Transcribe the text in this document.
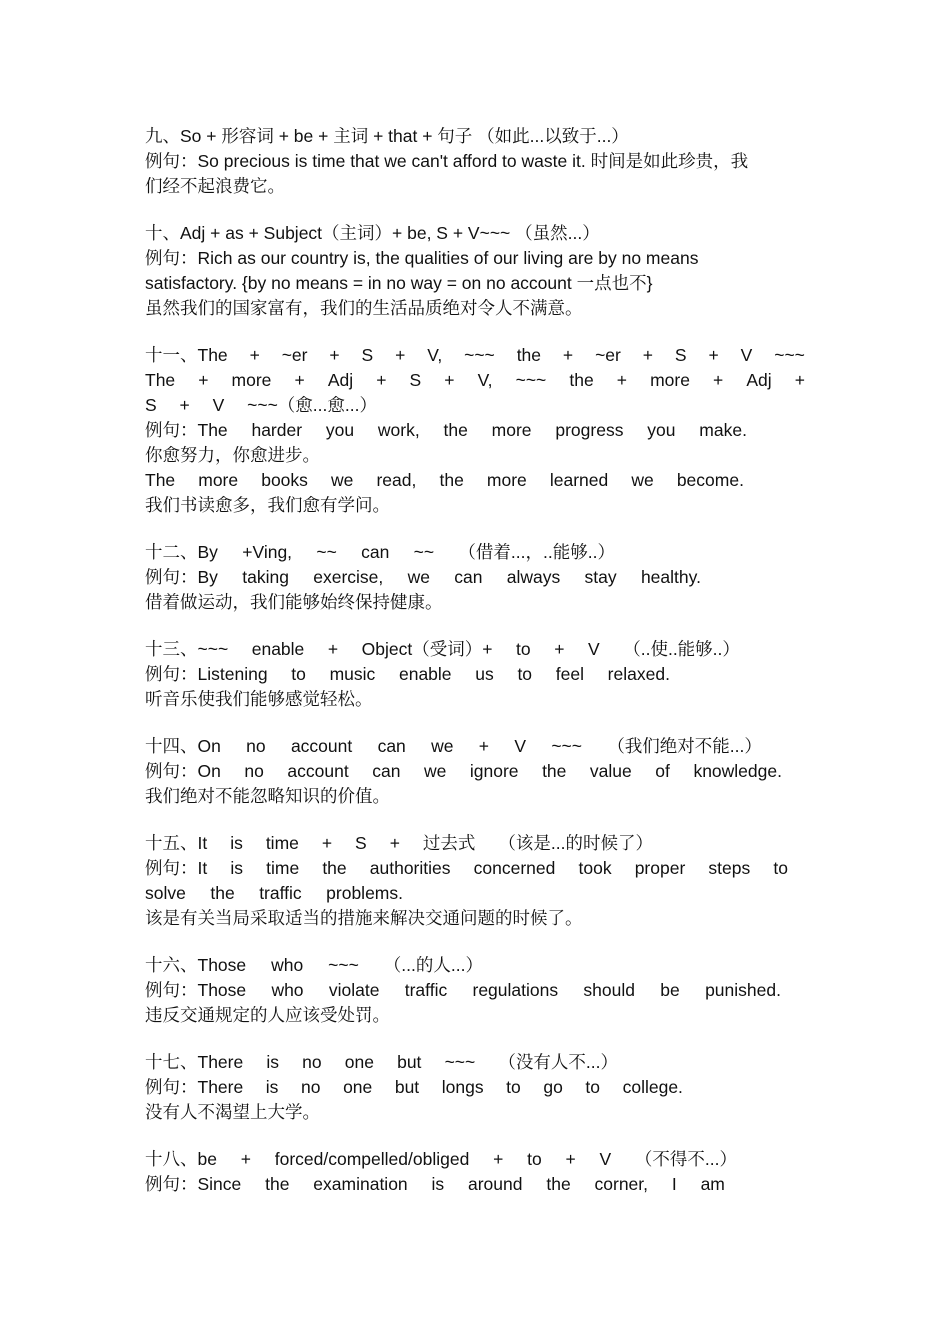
九、So + 形容词 + be + 主词 + that + 句子 （如此...以致于...）
例句：So precious is time that we can't afford to waste it. 时间是如此珍贵，我
们经不起浪费它。
十、Adj + as + Subject（主词）+ be, S + V~~~ （虽然...）
例句：Rich as our country is, the qualities of our living are by no means
satisfactory. {by no means = in no way = on no account 一点也不}
虽然我们的国家富有，我们的生活品质绝对令人不满意。
十一、The + ~er + S + V, ~~~ the + ~er + S + V ~~~
The + more + Adj + S + V, ~~~ the + more + Adj +
S + V ~~~（愈...愈...）
例句：The harder you work, the more progress you make.
你愈努力，你愈进步。
The more books we read, the more learned we become.
我们书读愈多，我们愈有学问。
十二、By +Ving, ~~ can ~~ （借着...，..能够..）
例句：By taking exercise, we can always stay healthy.
借着做运动，我们能够始终保持健康。
十三、~~~ enable + Object（受词）+ to + V （..使..能够..）
例句：Listening to music enable us to feel relaxed.
听音乐使我们能够感觉轻松。
十四、On no account can we + V ~~~ （我们绝对不能...）
例句：On no account can we ignore the value of knowledge.
我们绝对不能忽略知识的价值。
十五、It is time + S + 过去式 （该是...的时候了）
例句：It is time the authorities concerned took proper steps to
solve the traffic problems.
该是有关当局采取适当的措施来解决交通问题的时候了。
十六、Those who ~~~ （...的人...）
例句：Those who violate traffic regulations should be punished.
违反交通规定的人应该受处罚。
十七、There is no one but ~~~ （没有人不...）
例句：There is no one but longs to go to college.
没有人不渴望上大学。
十八、be + forced/compelled/obliged + to + V （不得不...）
例句：Since the examination is around the corner, I am
